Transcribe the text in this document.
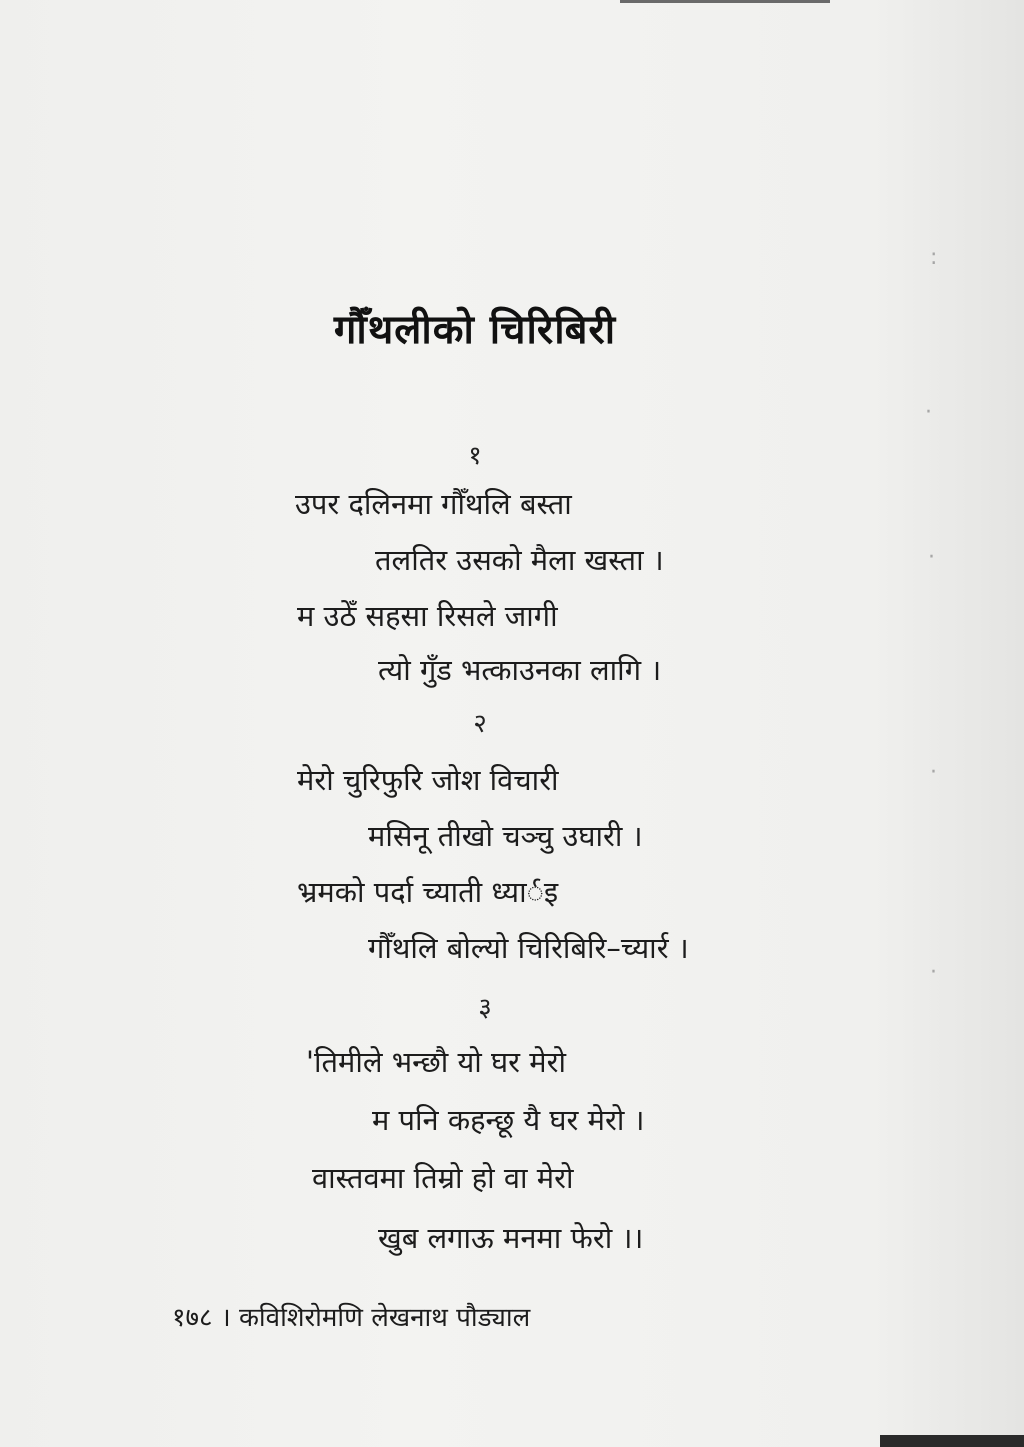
गौँथलीको चिरिबिरी
१
उपर दलिनमा गौँथलि बस्ता
तलतिर उसको मैला खस्ता ।
म उठेँ सहसा रिसले जागी
त्यो गुँड भत्काउनका लागि ।
२
मेरो चुरिफुरि जोश विचारी
मसिनू तीखो चञ्चु उघारी ।
भ्रमको पर्दा च्याती ध्यार्इ
गौँथलि बोल्यो चिरिबिरि–च्यार्र ।
३
'तिमीले भन्छौ यो घर मेरो
म पनि कहन्छू यै घर मेरो ।
वास्तवमा तिम्रो हो वा मेरो
खुब लगाऊ मनमा फेरो ।।
१७८ । कविशिरोमणि लेखनाथ पौड्याल
꞉
·
·
·
·
